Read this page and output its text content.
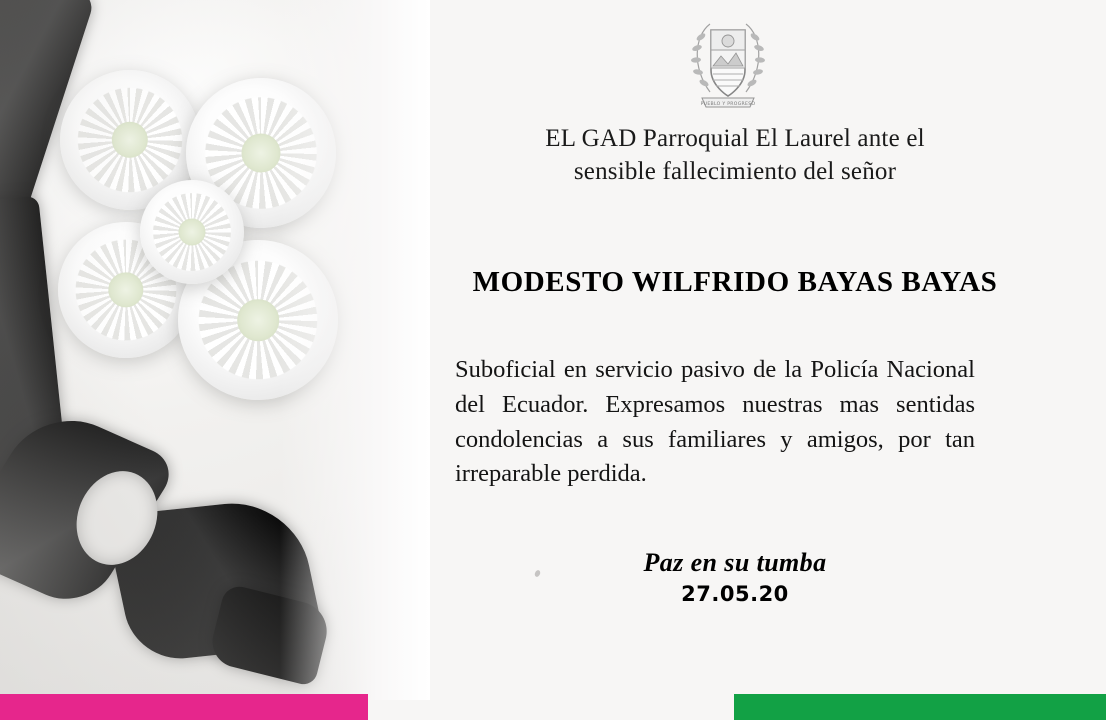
PUEBLO Y PROGRESO
EL GAD Parroquial El Laurel ante el
sensible fallecimiento del señor
MODESTO WILFRIDO BAYAS BAYAS
Suboficial en servicio pasivo de la Policía Nacional del Ecuador. Expresamos nuestras mas sentidas condolencias a sus familiares y amigos, por tan irreparable perdida.
Paz en su tumba
27.05.20
